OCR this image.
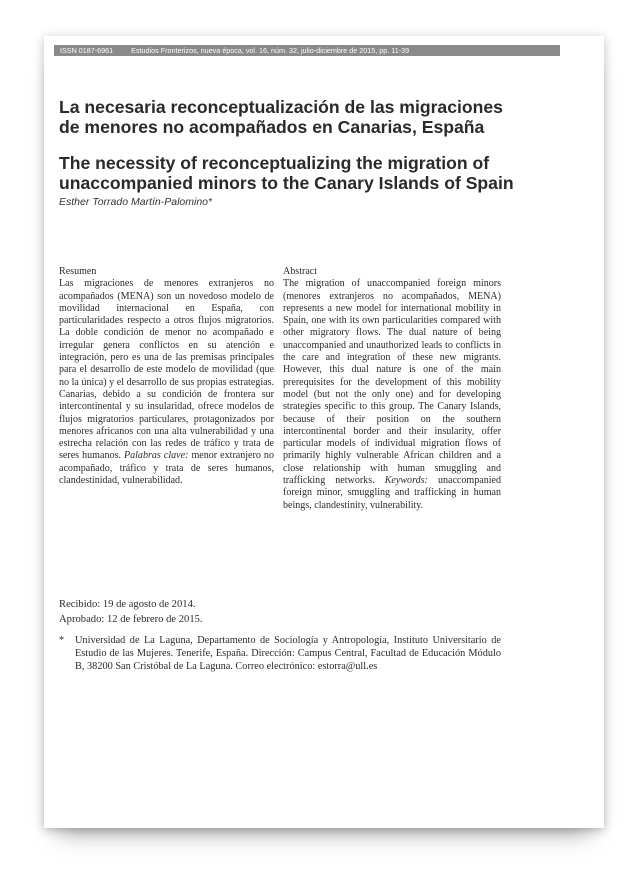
ISSN 0187-6961	Estudios Fronterizos, nueva época, vol. 16, núm. 32, julio-diciembre de 2015, pp. 11-39
La necesaria reconceptualización de las migraciones
de menores no acompañados en Canarias, España
The necessity of reconceptualizing the migration of
unaccompanied minors to the Canary Islands of Spain
Esther Torrado Martín-Palomino*
Resumen
Las migraciones de menores extranjeros no acompañados (MENA) son un novedoso modelo de movilidad internacional en España, con particularidades respecto a otros flujos migratorios. La doble condición de menor no acompañado e irregular genera conflictos en su atención e integración, pero es una de las premisas principales para el desarrollo de este modelo de movilidad (que no la única) y el desarrollo de sus propias estrategias. Canarias, debido a su condición de frontera sur intercontinental y su insularidad, ofrece modelos de flujos migratorios particulares, protagonizados por menores africanos con una alta vulnerabilidad y una estrecha relación con las redes de tráfico y trata de seres humanos. Palabras clave: menor extranjero no acompañado, tráfico y trata de seres humanos, clandestinidad, vulnerabilidad.
Abstract
The migration of unaccompanied foreign minors (menores extranjeros no acompañados, MENA) represents a new model for international mobility in Spain, one with its own particularities compared with other migratory flows. The dual nature of being unaccompanied and unauthorized leads to conflicts in the care and integration of these new migrants. However, this dual nature is one of the main prerequisites for the development of this mobility model (but not the only one) and for developing strategies specific to this group. The Canary Islands, because of their position on the southern intercontinental border and their insularity, offer particular models of individual migration flows of primarily highly vulnerable African children and a close relationship with human smuggling and trafficking networks. Keywords: unaccompanied foreign minor, smuggling and trafficking in human beings, clandestinity, vulnerability.
Recibido: 19 de agosto de 2014.
Aprobado: 12 de febrero de 2015.
* Universidad de La Laguna, Departamento de Sociología y Antropología, Instituto Universitario de Estudio de las Mujeres. Tenerife, España. Dirección: Campus Central, Facultad de Educación Módulo B, 38200 San Cristóbal de La Laguna. Correo electrónico: estorra@ull.es
